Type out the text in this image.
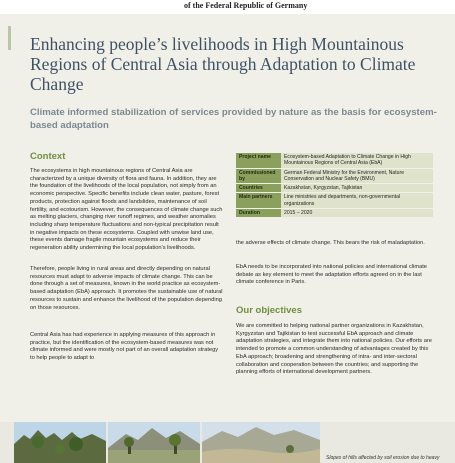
of the Federal Republic of Germany
Enhancing people’s livelihoods in High Mountainous Regions of Central Asia through Adaptation to Climate Change

Climate informed stabilization of services provided by nature as the basis for ecosystem-based adaptation

Context

The ecosystems in high mountainous regions of Central Asia are characterized by a unique diversity of flora and fauna. In addition, they are the foundation of the livelihoods of the local population, not simply from an economic perspective. Specific benefits include clean water, pasture, forest products, protection against floods and landslides, maintenance of soil fertility, and ecotourism. However, the consequences of climate change such as melting glaciers, changing river runoff regimes, and weather anomalies including sharp temperature fluctuations and non-typical precipitation result in negative impacts on these ecosystems. Coupled with unwise land use, these events damage fragile mountain ecosystems and reduce their regeneration ability undermining the local population’s livelihoods.

Therefore, people living in rural areas and directly depending on natural resources must adapt to adverse impacts of climate change. This can be done through a set of measures, known in the world practice as ecosystem-based adaptation (EbA) approach. It promotes the sustainable use of natural resources to sustain and enhance the livelihood of the population depending on those resources.

Central Asia has had experience in applying measures of this approach in practice, but the identification of the ecosystem-based measures was not climate informed and were mostly not part of an overall adaptation strategy to help people to adapt to

Project name	Ecosystem-based Adaptation to Climate Change in High Mountainous Regions of Central Asia (EbA)
Commissioned by	German Federal Ministry for the Environment, Nature Conservation and Nuclear Safety (BMU)
Countries	Kazakhstan, Kyrgyzstan, Tajikistan
Main partners	Line ministries and departments, non-governmental organizations
Duration	2015 – 2020

the adverse effects of climate change. This bears the risk of maladaptation.

EbA needs to be incorporated into national policies and international climate debate as key element to meet the adaptation efforts agreed on in the last climate conference in Paris.

Our objectives

We are committed to helping national partner organizations in Kazakhstan, Kyrgyzstan and Tajikistan to test successful EbA approach and climate adaptation strategies, and integrate them into national policies. Our efforts are intended to promote a common understanding of advantages created by this EbA approach; broadening and strengthening of intra- and inter-sectoral collaboration and cooperation between the countries; and supporting the planning efforts of international development partners.

Slopes of hills affected by soil erosion due to heavy
